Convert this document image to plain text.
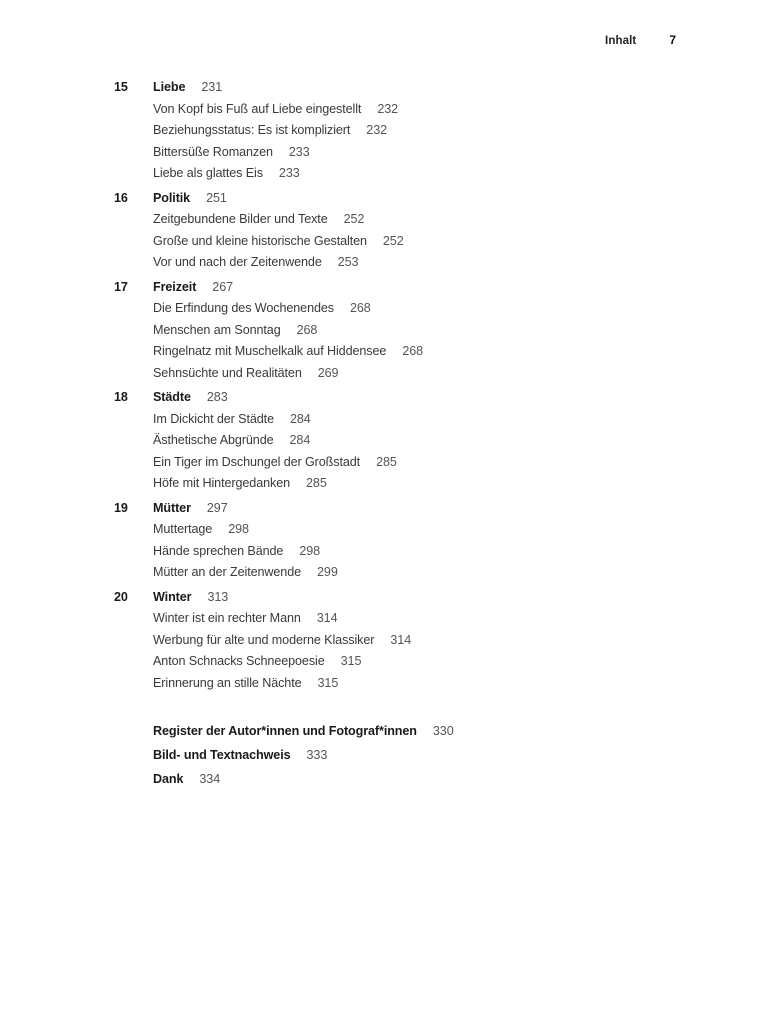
Inhalt	7
15	Liebe 231
Von Kopf bis Fuß auf Liebe eingestellt 232
Beziehungsstatus: Es ist kompliziert 232
Bittersüße Romanzen 233
Liebe als glattes Eis 233
16	Politik 251
Zeitgebundene Bilder und Texte 252
Große und kleine historische Gestalten 252
Vor und nach der Zeitenwende 253
17	Freizeit 267
Die Erfindung des Wochenendes 268
Menschen am Sonntag 268
Ringelnatz mit Muschelkalk auf Hiddensee 268
Sehnsüchte und Realitäten 269
18	Städte 283
Im Dickicht der Städte 284
Ästhetische Abgründe 284
Ein Tiger im Dschungel der Großstadt 285
Höfe mit Hintergedanken 285
19	Mütter 297
Muttertage 298
Hände sprechen Bände 298
Mütter an der Zeitenwende 299
20	Winter 313
Winter ist ein rechter Mann 314
Werbung für alte und moderne Klassiker 314
Anton Schnacks Schneepoesie 315
Erinnerung an stille Nächte 315
Register der Autor*innen und Fotograf*innen 330
Bild- und Textnachweis 333
Dank 334
